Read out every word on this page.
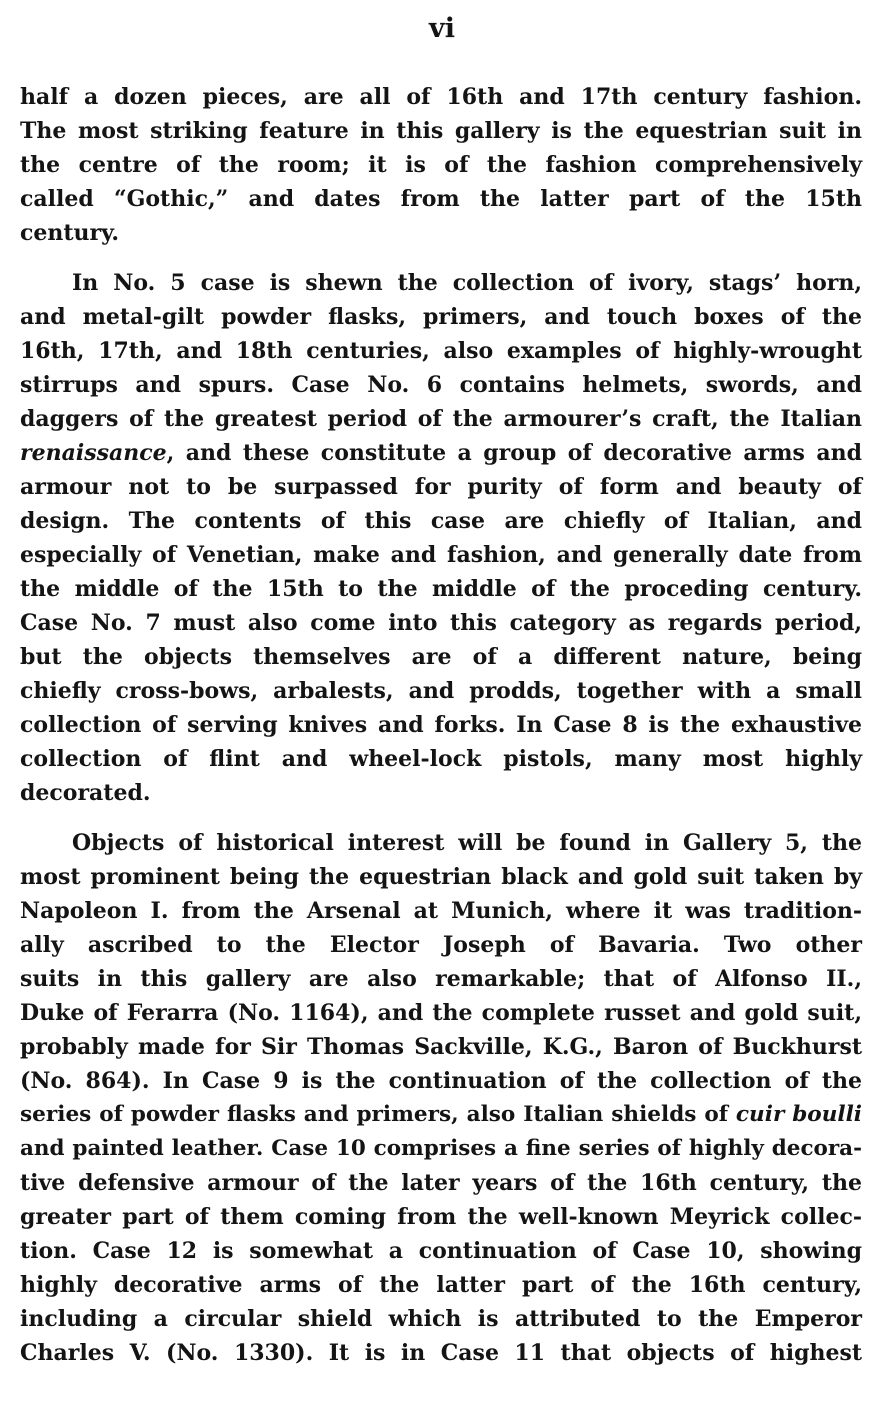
vi
half a dozen pieces, are all of 16th and 17th century fashion.
The most striking feature in this gallery is the equestrian suit in
the centre of the room; it is of the fashion comprehensively
called “Gothic,” and dates from the latter part of the 15th
century.
In No. 5 case is shewn the collection of ivory, stags’ horn,
and metal-gilt powder flasks, primers, and touch boxes of the
16th, 17th, and 18th centuries, also examples of highly-wrought
stirrups and spurs. Case No. 6 contains helmets, swords, and
daggers of the greatest period of the armourer’s craft, the Italian
renaissance, and these constitute a group of decorative arms and
armour not to be surpassed for purity of form and beauty of
design. The contents of this case are chiefly of Italian, and
especially of Venetian, make and fashion, and generally date from
the middle of the 15th to the middle of the proceding century.
Case No. 7 must also come into this category as regards period,
but the objects themselves are of a different nature, being
chiefly cross-bows, arbalests, and prodds, together with a small
collection of serving knives and forks. In Case 8 is the exhaustive
collection of flint and wheel-lock pistols, many most highly
decorated.
Objects of historical interest will be found in Gallery 5, the
most prominent being the equestrian black and gold suit taken by
Napoleon I. from the Arsenal at Munich, where it was tradition-
ally ascribed to the Elector Joseph of Bavaria. Two other
suits in this gallery are also remarkable; that of Alfonso II.,
Duke of Ferarra (No. 1164), and the complete russet and gold suit,
probably made for Sir Thomas Sackville, K.G., Baron of Buckhurst
(No. 864). In Case 9 is the continuation of the collection of the
series of powder flasks and primers, also Italian shields of cuir boulli
and painted leather. Case 10 comprises a fine series of highly decora-
tive defensive armour of the later years of the 16th century, the
greater part of them coming from the well-known Meyrick collec-
tion. Case 12 is somewhat a continuation of Case 10, showing
highly decorative arms of the latter part of the 16th century,
including a circular shield which is attributed to the Emperor
Charles V. (No. 1330). It is in Case 11 that objects of highest
